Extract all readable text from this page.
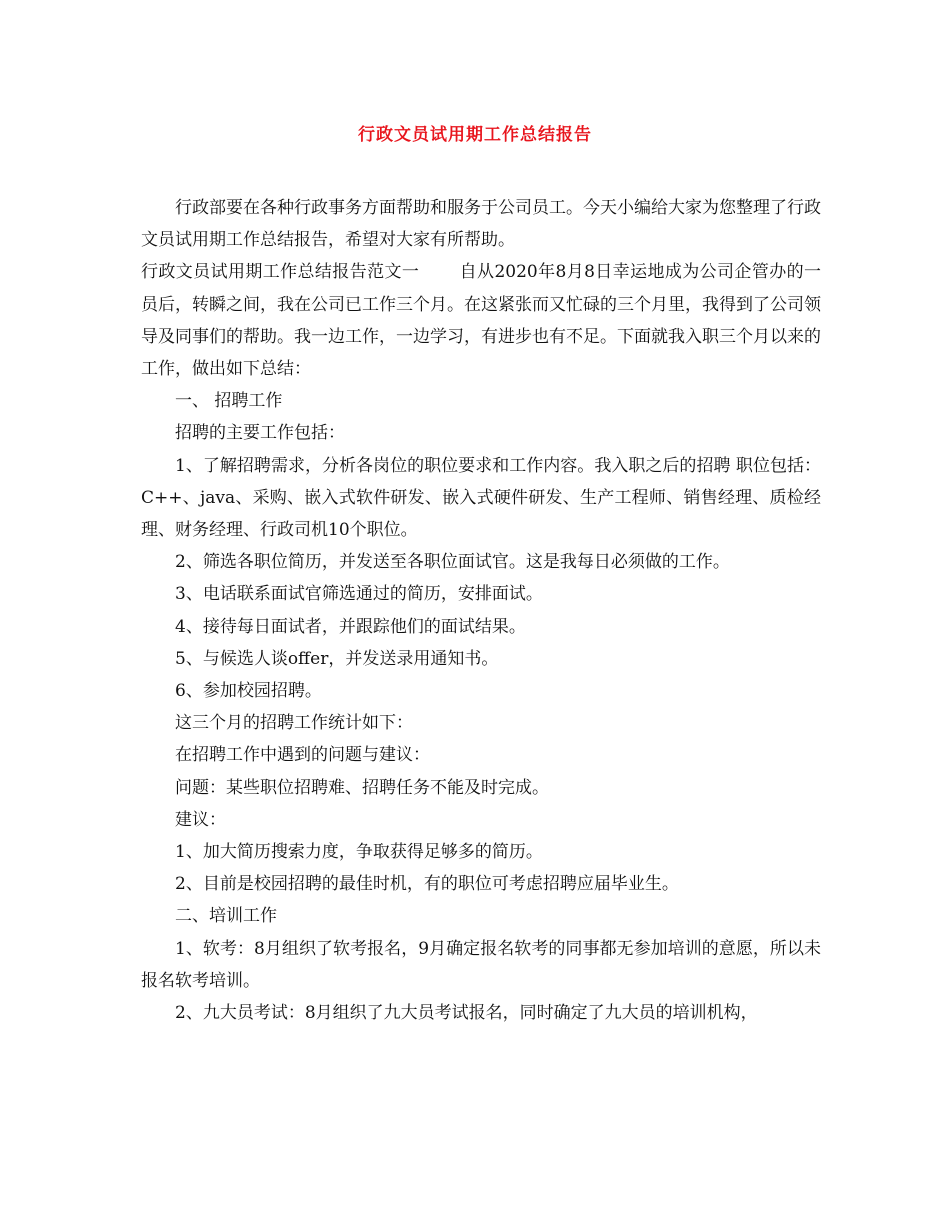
行政文员试用期工作总结报告

行政部要在各种行政事务方面帮助和服务于公司员工。今天小编给大家为您整理了行政文员试用期工作总结报告，希望对大家有所帮助。

行政文员试用期工作总结报告范文一 自从2020年8月8日幸运地成为公司企管办的一员后，转瞬之间，我在公司已工作三个月。在这紧张而又忙碌的三个月里，我得到了公司领导及同事们的帮助。我一边工作，一边学习，有进步也有不足。下面就我入职三个月以来的工作，做出如下总结：

一、 招聘工作

招聘的主要工作包括：

1、了解招聘需求，分析各岗位的职位要求和工作内容。我入职之后的招聘 职位包括：C++、java、采购、嵌入式软件研发、嵌入式硬件研发、生产工程师、销售经理、质检经理、财务经理、行政司机10个职位。

2、筛选各职位简历，并发送至各职位面试官。这是我每日必须做的工作。

3、电话联系面试官筛选通过的简历，安排面试。

4、接待每日面试者，并跟踪他们的面试结果。

5、与候选人谈offer，并发送录用通知书。

6、参加校园招聘。

这三个月的招聘工作统计如下：

在招聘工作中遇到的问题与建议：

问题：某些职位招聘难、招聘任务不能及时完成。

建议：

1、加大简历搜索力度，争取获得足够多的简历。

2、目前是校园招聘的最佳时机，有的职位可考虑招聘应届毕业生。

二、培训工作

1、软考：8月组织了软考报名，9月确定报名软考的同事都无参加培训的意愿，所以未报名软考培训。

2、九大员考试：8月组织了九大员考试报名，同时确定了九大员的培训机构，
